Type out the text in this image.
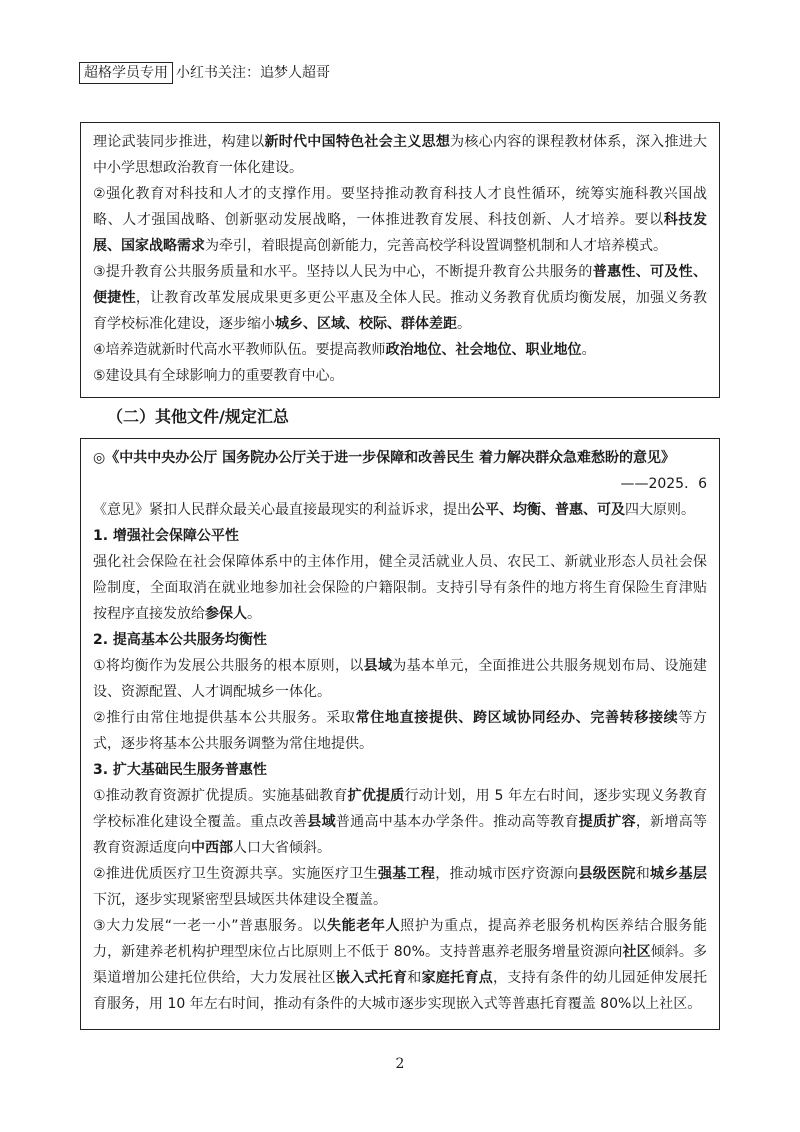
超格学员专用 小红书关注：追梦人超哥

理论武装同步推进，构建以新时代中国特色社会主义思想为核心内容的课程教材体系，深入推进大中小学思想政治教育一体化建设。

②强化教育对科技和人才的支撑作用。要坚持推动教育科技人才良性循环，统筹实施科教兴国战略、人才强国战略、创新驱动发展战略，一体推进教育发展、科技创新、人才培养。要以科技发展、国家战略需求为牵引，着眼提高创新能力，完善高校学科设置调整机制和人才培养模式。

③提升教育公共服务质量和水平。坚持以人民为中心，不断提升教育公共服务的普惠性、可及性、便捷性，让教育改革发展成果更多更公平惠及全体人民。推动义务教育优质均衡发展，加强义务教育学校标准化建设，逐步缩小城乡、区域、校际、群体差距。

④培养造就新时代高水平教师队伍。要提高教师政治地位、社会地位、职业地位。

⑤建设具有全球影响力的重要教育中心。

（二）其他文件/规定汇总

◎《中共中央办公厅 国务院办公厅关于进一步保障和改善民生 着力解决群众急难愁盼的意见》

——2025．6

《意见》紧扣人民群众最关心最直接最现实的利益诉求，提出公平、均衡、普惠、可及四大原则。

1. 增强社会保障公平性

强化社会保险在社会保障体系中的主体作用，健全灵活就业人员、农民工、新就业形态人员社会保险制度，全面取消在就业地参加社会保险的户籍限制。支持引导有条件的地方将生育保险生育津贴按程序直接发放给参保人。

2. 提高基本公共服务均衡性

①将均衡作为发展公共服务的根本原则，以县域为基本单元，全面推进公共服务规划布局、设施建设、资源配置、人才调配城乡一体化。

②推行由常住地提供基本公共服务。采取常住地直接提供、跨区域协同经办、完善转移接续等方式，逐步将基本公共服务调整为常住地提供。

3. 扩大基础民生服务普惠性

①推动教育资源扩优提质。实施基础教育扩优提质行动计划，用 5 年左右时间，逐步实现义务教育学校标准化建设全覆盖。重点改善县域普通高中基本办学条件。推动高等教育提质扩容，新增高等教育资源适度向中西部人口大省倾斜。

②推进优质医疗卫生资源共享。实施医疗卫生强基工程，推动城市医疗资源向县级医院和城乡基层下沉，逐步实现紧密型县域医共体建设全覆盖。

③大力发展“一老一小”普惠服务。以失能老年人照护为重点，提高养老服务机构医养结合服务能力，新建养老机构护理型床位占比原则上不低于 80%。支持普惠养老服务增量资源向社区倾斜。多渠道增加公建托位供给，大力发展社区嵌入式托育和家庭托育点，支持有条件的幼儿园延伸发展托育服务，用 10 年左右时间，推动有条件的大城市逐步实现嵌入式等普惠托育覆盖 80%以上社区。

2
